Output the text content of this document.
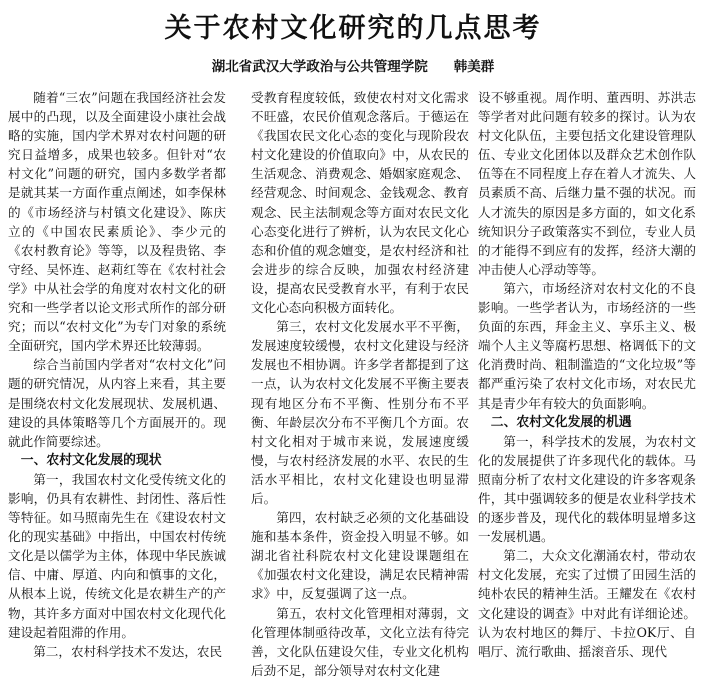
关于农村文化研究的几点思考
湖北省武汉大学政治与公共管理学院 韩美群

随着“三农”问题在我国经济社会发展中的凸现，以及全面建设小康社会战略的实施，国内学术界对农村问题的研究日益增多，成果也较多。但针对“农村文化”问题的研究，国内多数学者都是就其某一方面作重点阐述，如李保林的《市场经济与村镇文化建设》、陈庆立的《中国农民素质论》、李少元的《农村教育论》等等，以及程贵铭、李守经、吴怀连、赵莉红等在《农村社会学》中从社会学的角度对农村文化的研究和一些学者以论文形式所作的部分研究；而以“农村文化”为专门对象的系统全面研究，国内学术界还比较薄弱。

综合当前国内学者对“农村文化”问题的研究情况，从内容上来看，其主要是围绕农村文化发展现状、发展机遇、建设的具体策略等几个方面展开的。现就此作简要综述。

一、农村文化发展的现状

第一，我国农村文化受传统文化的影响，仍具有农耕性、封闭性、落后性等特征。如马照南先生在《建设农村文化的现实基础》中指出，中国农村传统文化是以儒学为主体，体现中华民族诚信、中庸、厚道、内向和慎事的文化，从根本上说，传统文化是农耕生产的产物，其许多方面对中国农村文化现代化建设起着阻滞的作用。

第二，农村科学技术不发达，农民

受教育程度较低，致使农村对文化需求不旺盛，农民价值观念落后。于德运在《我国农民文化心态的变化与现阶段农村文化建设的价值取向》中，从农民的生活观念、消费观念、婚姻家庭观念、经营观念、时间观念、金钱观念、教育观念、民主法制观念等方面对农民文化心态变化进行了辨析，认为农民文化心态和价值的观念嬗变，是农村经济和社会进步的综合反映，加强农村经济建设，提高农民受教育水平，有利于农民文化心态向积极方面转化。

第三，农村文化发展水平不平衡，发展速度较缓慢，农村文化建设与经济发展也不相协调。许多学者都提到了这一点，认为农村文化发展不平衡主要表现有地区分布不平衡、性别分布不平衡、年龄层次分布不平衡几个方面。农村文化相对于城市来说，发展速度缓慢，与农村经济发展的水平、农民的生活水平相比，农村文化建设也明显滞后。

第四，农村缺乏必须的文化基础设施和基本条件，资金投入明显不够。如湖北省社科院农村文化建设课题组在《加强农村文化建设，满足农民精神需求》中，反复强调了这一点。

第五，农村文化管理相对薄弱，文化管理体制亟待改革，文化立法有待完善，文化队伍建设欠佳，专业文化机构后劲不足，部分领导对农村文化建

设不够重视。周作明、董西明、苏洪志等学者对此问题有较多的探讨。认为农村文化队伍，主要包括文化建设管理队伍、专业文化团体以及群众艺术创作队伍等在不同程度上存在着人才流失、人员素质不高、后继力量不强的状况。而人才流失的原因是多方面的，如文化系统知识分子政策落实不到位，专业人员的才能得不到应有的发挥，经济大潮的冲击使人心浮动等等。

第六，市场经济对农村文化的不良影响。一些学者认为，市场经济的一些负面的东西，拜金主义、享乐主义、极端个人主义等腐朽思想、格调低下的文化消费时尚、粗制滥造的“文化垃圾”等都严重污染了农村文化市场，对农民尤其是青少年有较大的负面影响。

二、农村文化发展的机遇

第一，科学技术的发展，为农村文化的发展提供了许多现代化的载体。马照南分析了农村文化建设的许多客观条件，其中强调较多的便是农业科学技术的逐步普及，现代化的载体明显增多这一发展机遇。

第二，大众文化潮涌农村，带动农村文化发展，充实了过惯了田园生活的纯朴农民的精神生活。王耀发在《农村文化建设的调查》中对此有详细论述。认为农村地区的舞厅、卡拉OK厅、自唱厅、流行歌曲、摇滚音乐、现代
